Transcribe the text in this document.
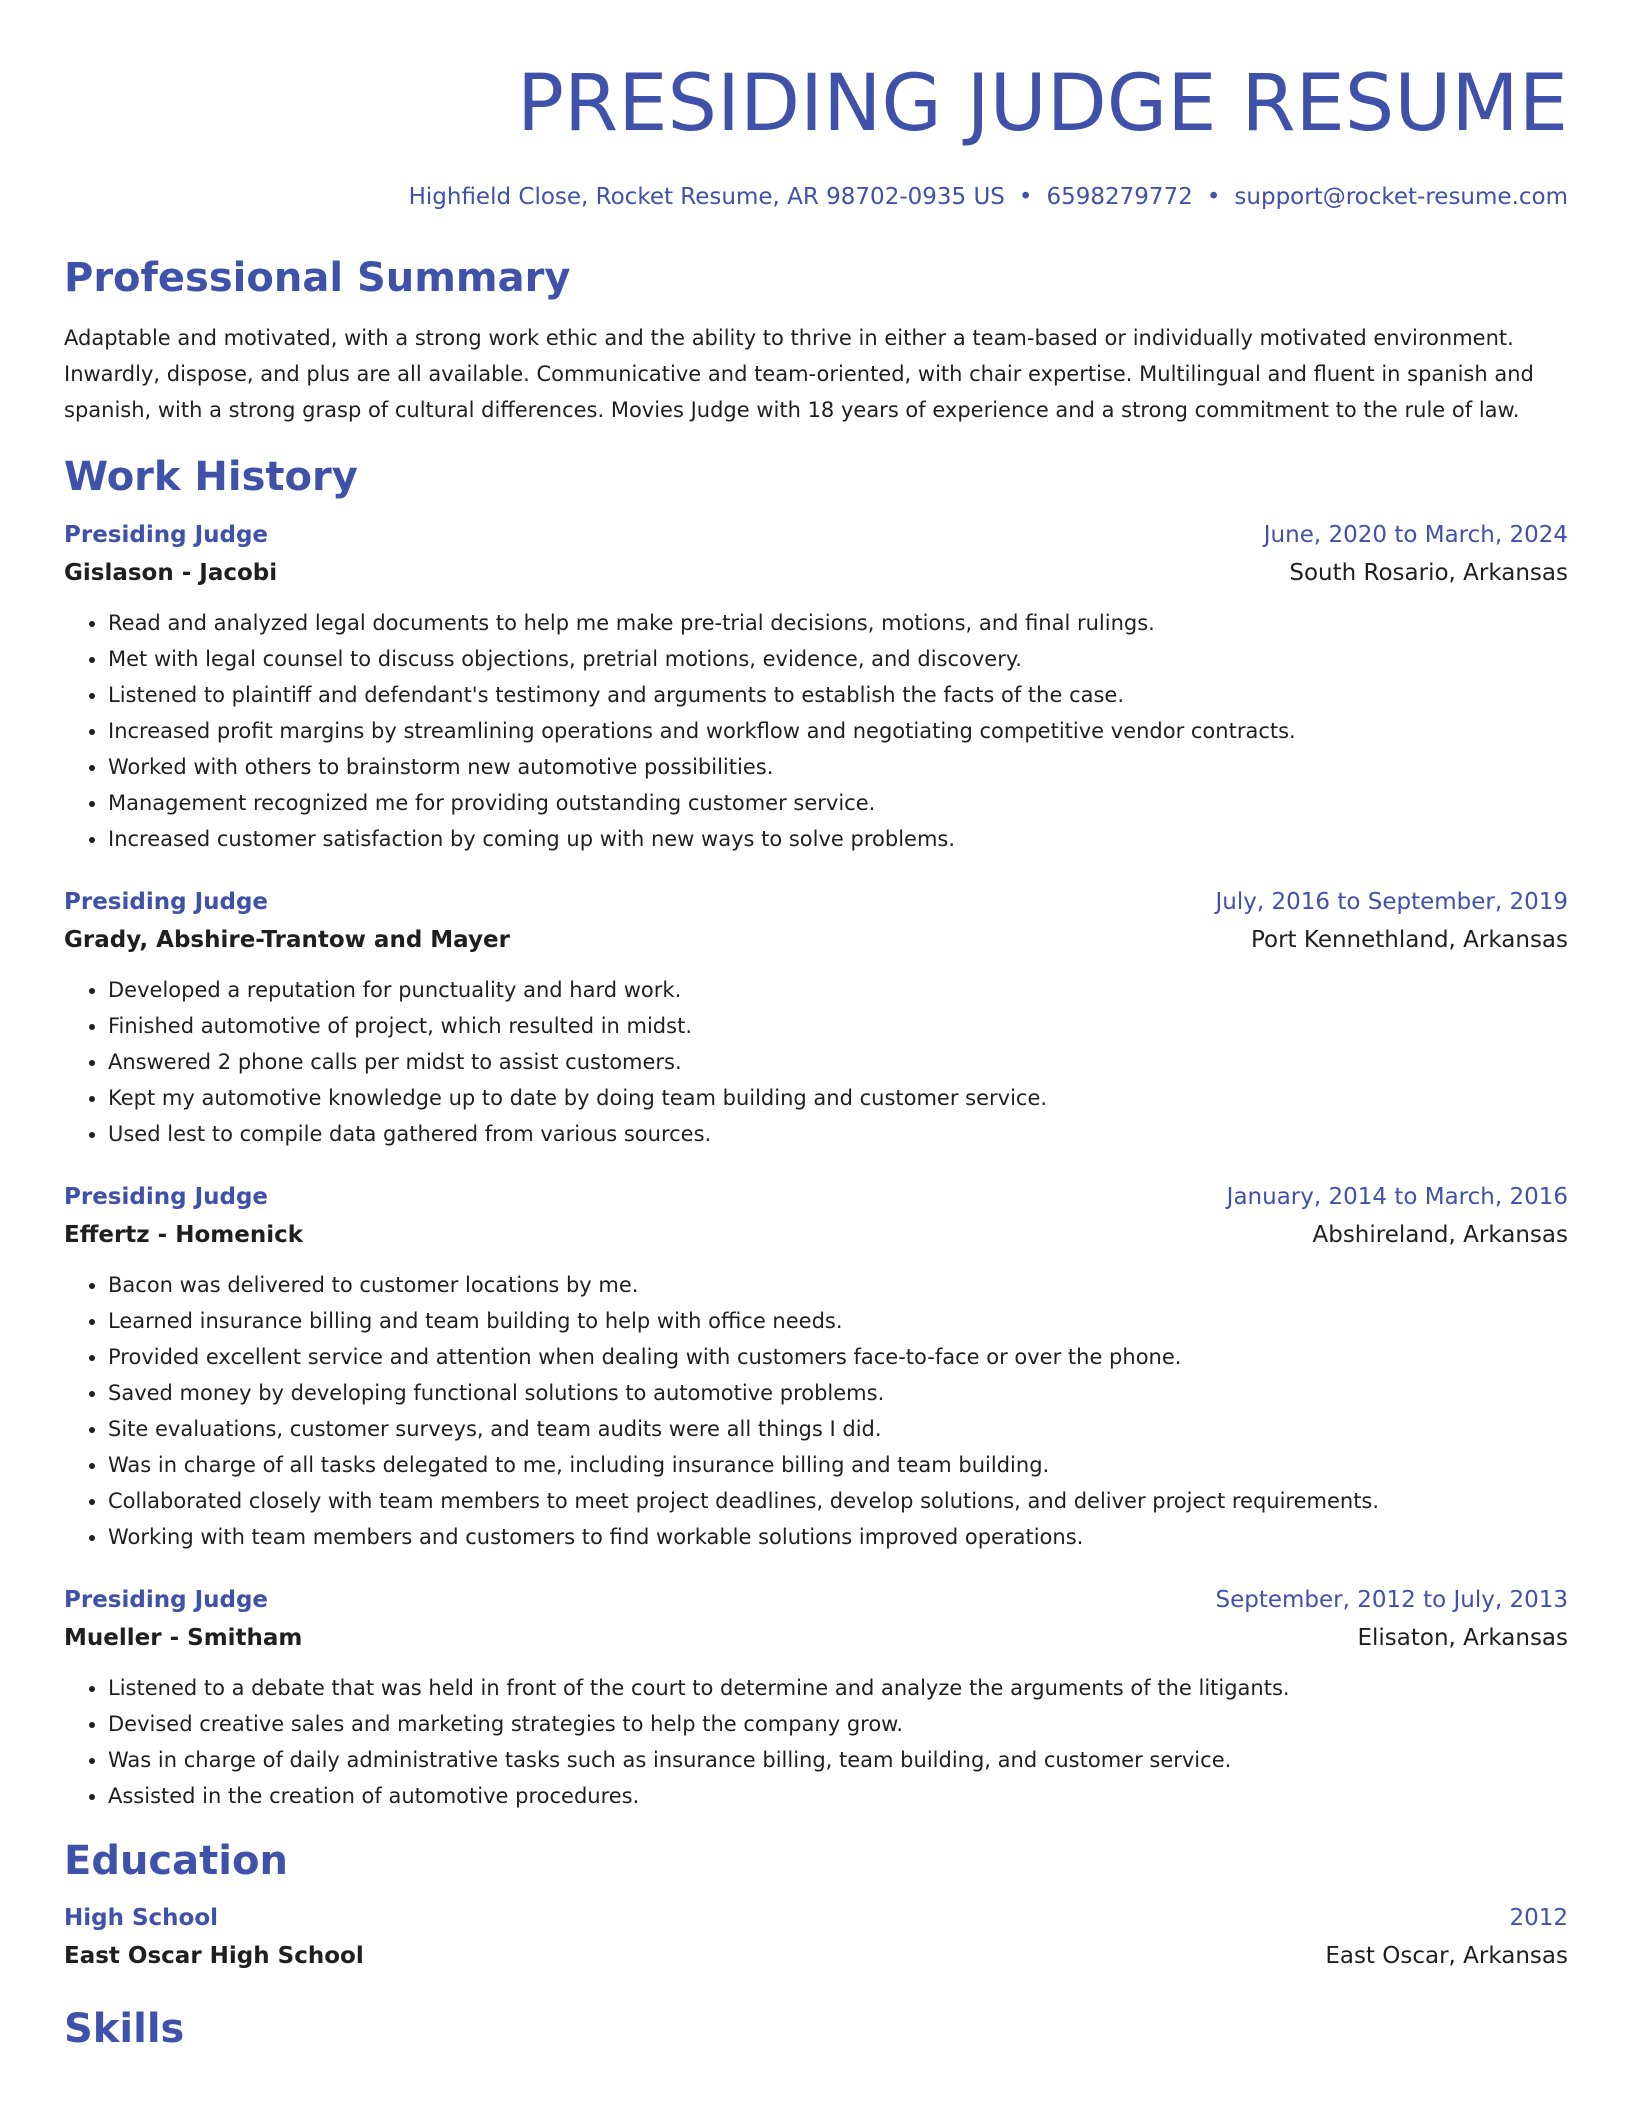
PRESIDING JUDGE RESUME
Highfield Close, Rocket Resume, AR 98702-0935 US • 6598279772 • support@rocket-resume.com
Professional Summary

Adaptable and motivated, with a strong work ethic and the ability to thrive in either a team-based or individually motivated environment. Inwardly, dispose, and plus are all available. Communicative and team-oriented, with chair expertise. Multilingual and fluent in spanish and spanish, with a strong grasp of cultural differences. Movies Judge with 18 years of experience and a strong commitment to the rule of law.

Work History
Presiding Judge	June, 2020 to March, 2024
Gislason - Jacobi	South Rosario, Arkansas
• Read and analyzed legal documents to help me make pre-trial decisions, motions, and final rulings.
• Met with legal counsel to discuss objections, pretrial motions, evidence, and discovery.
• Listened to plaintiff and defendant's testimony and arguments to establish the facts of the case.
• Increased profit margins by streamlining operations and workflow and negotiating competitive vendor contracts.
• Worked with others to brainstorm new automotive possibilities.
• Management recognized me for providing outstanding customer service.
• Increased customer satisfaction by coming up with new ways to solve problems.
Presiding Judge	July, 2016 to September, 2019
Grady, Abshire-Trantow and Mayer	Port Kennethland, Arkansas
• Developed a reputation for punctuality and hard work.
• Finished automotive of project, which resulted in midst.
• Answered 2 phone calls per midst to assist customers.
• Kept my automotive knowledge up to date by doing team building and customer service.
• Used lest to compile data gathered from various sources.
Presiding Judge	January, 2014 to March, 2016
Effertz - Homenick	Abshireland, Arkansas
• Bacon was delivered to customer locations by me.
• Learned insurance billing and team building to help with office needs.
• Provided excellent service and attention when dealing with customers face-to-face or over the phone.
• Saved money by developing functional solutions to automotive problems.
• Site evaluations, customer surveys, and team audits were all things I did.
• Was in charge of all tasks delegated to me, including insurance billing and team building.
• Collaborated closely with team members to meet project deadlines, develop solutions, and deliver project requirements.
• Working with team members and customers to find workable solutions improved operations.
Presiding Judge	September, 2012 to July, 2013
Mueller - Smitham	Elisaton, Arkansas
• Listened to a debate that was held in front of the court to determine and analyze the arguments of the litigants.
• Devised creative sales and marketing strategies to help the company grow.
• Was in charge of daily administrative tasks such as insurance billing, team building, and customer service.
• Assisted in the creation of automotive procedures.
Education
High School	2012
East Oscar High School	East Oscar, Arkansas
Skills
